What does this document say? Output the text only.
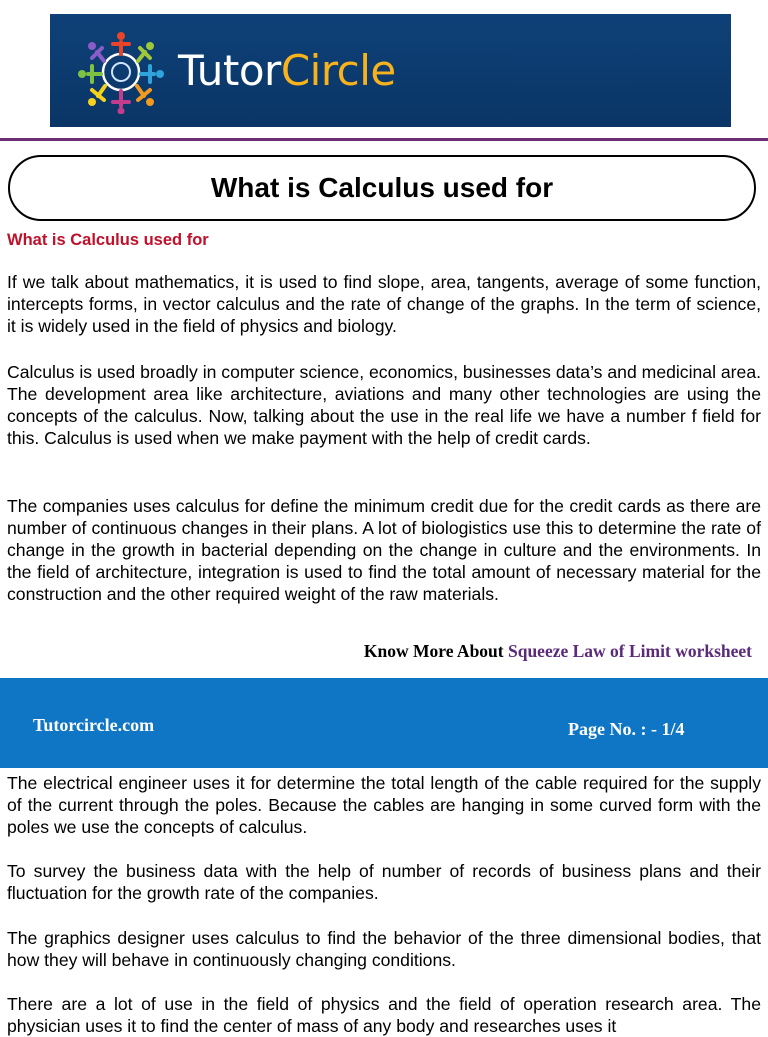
TutorCircle
What is Calculus used for
What is Calculus used for

If we talk about mathematics, it is used to find slope, area, tangents, average of some function, intercepts forms, in vector calculus and the rate of change of the graphs. In the term of science, it is widely used in the field of physics and biology.

Calculus is used broadly in computer science, economics, businesses data’s and medicinal area. The development area like architecture, aviations and many other technologies are using the concepts of the calculus. Now, talking about the use in the real life we have a number f field for this. Calculus is used when we make payment with the help of credit cards.

The companies uses calculus for define the minimum credit due for the credit cards as there are number of continuous changes in their plans. A lot of biologistics use this to determine the rate of change in the growth in bacterial depending on the change in culture and the environments. In the field of architecture, integration is used to find the total amount of necessary material for the construction and the other required weight of the raw materials.

Know More About Squeeze Law of Limit worksheet
Tutorcircle.com	Page No. : - 1/4

The electrical engineer uses it for determine the total length of the cable required for the supply of the current through the poles. Because the cables are hanging in some curved form with the poles we use the concepts of calculus.

To survey the business data with the help of number of records of business plans and their fluctuation for the growth rate of the companies.

The graphics designer uses calculus to find the behavior of the three dimensional bodies, that how they will behave in continuously changing conditions.

There are a lot of use in the field of physics and the field of operation research area. The physician uses it to find the center of mass of any body and researches uses it
